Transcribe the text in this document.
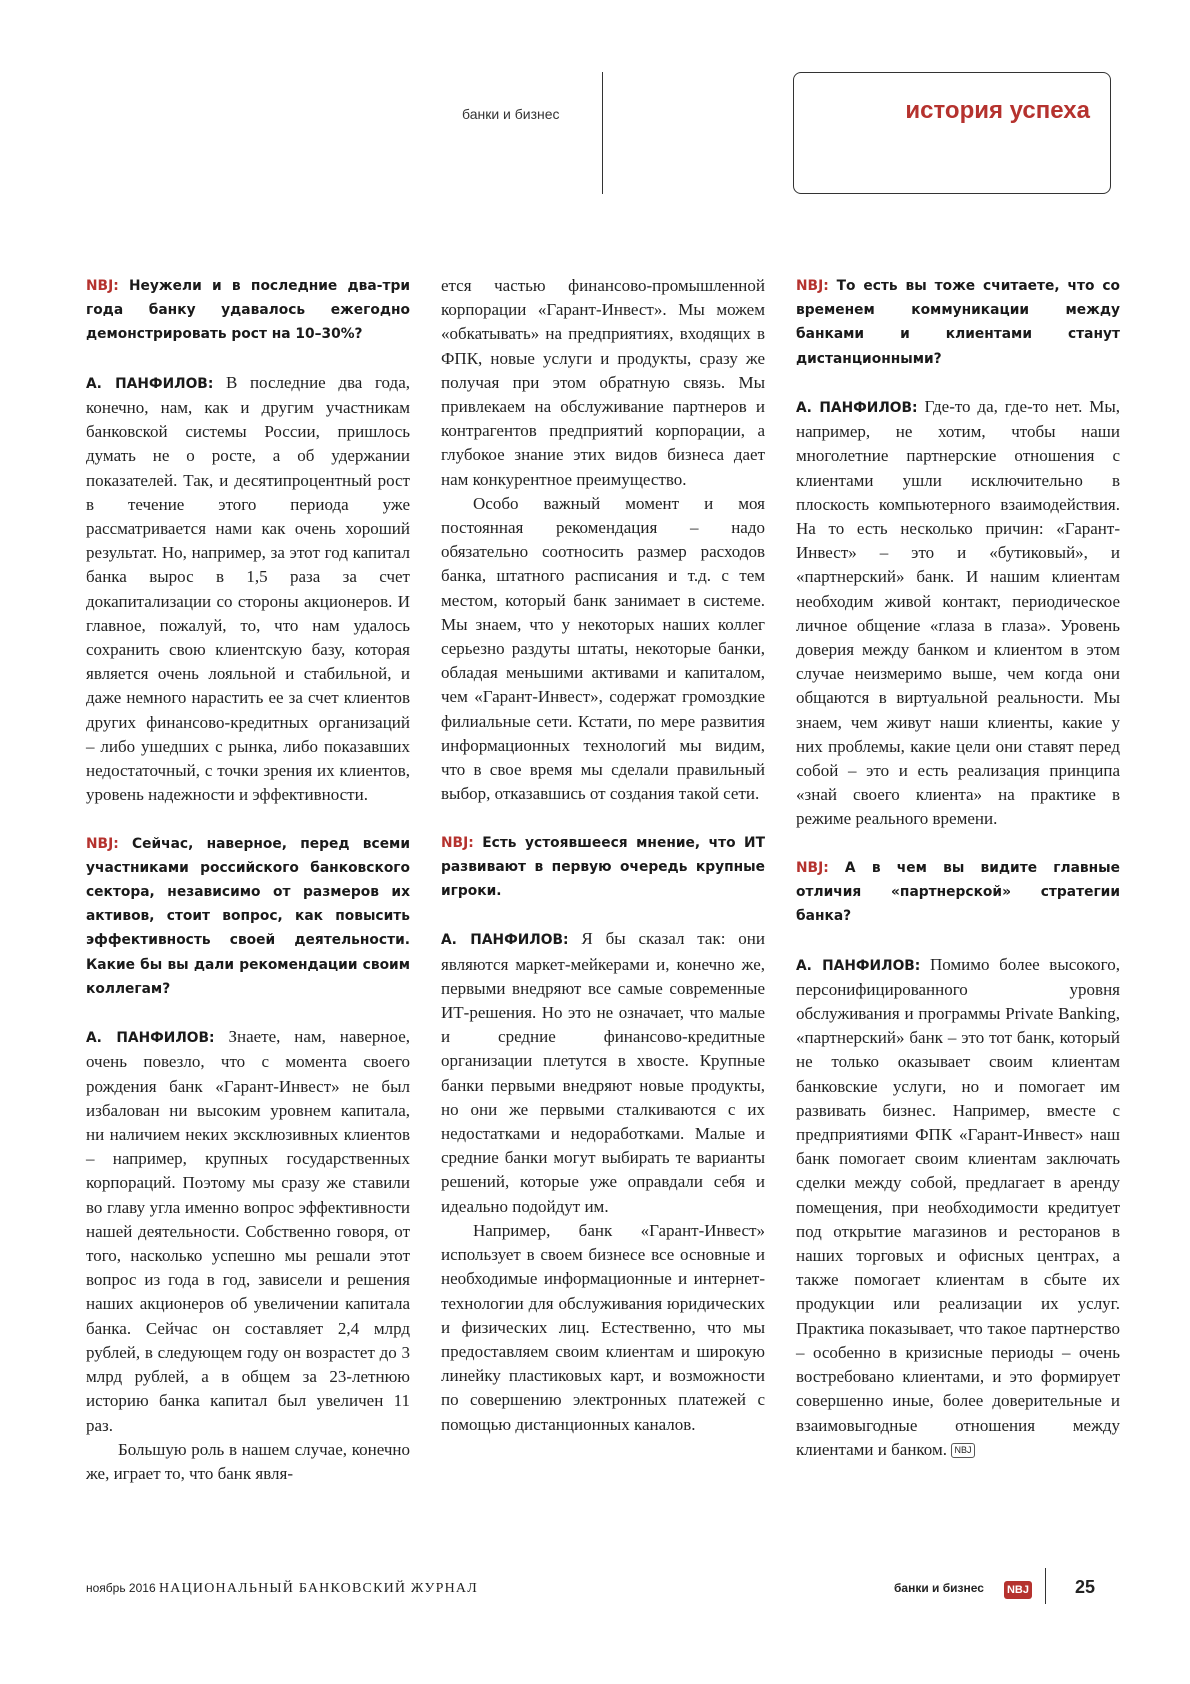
банки и бизнес	история успеха

NBJ: Неужели и в последние два-три года банку удавалось ежегодно демонстрировать рост на 10–30%?

А. ПАНФИЛОВ: В последние два года, конечно, нам, как и другим участникам банковской системы России, пришлось думать не о росте, а об удержании показателей. Так, и десятипроцентный рост в течение этого периода уже рассматривается нами как очень хороший результат. Но, например, за этот год капитал банка вырос в 1,5 раза за счет докапитализации со стороны акционеров. И главное, пожалуй, то, что нам удалось сохранить свою клиентскую базу, которая является очень лояльной и стабильной, и даже немного нарастить ее за счет клиентов других финансово-кредитных организаций – либо ушедших с рынка, либо показавших недостаточный, с точки зрения их клиентов, уровень надежности и эффективности.

NBJ: Сейчас, наверное, перед всеми участниками российского банковского сектора, независимо от размеров их активов, стоит вопрос, как повысить эффективность своей деятельности. Какие бы вы дали рекомендации своим коллегам?

А. ПАНФИЛОВ: Знаете, нам, наверное, очень повезло, что с момента своего рождения банк «Гарант-Инвест» не был избалован ни высоким уровнем капитала, ни наличием неких эксклюзивных клиентов – например, крупных государственных корпораций. Поэтому мы сразу же ставили во главу угла именно вопрос эффективности нашей деятельности. Собственно говоря, от того, насколько успешно мы решали этот вопрос из года в год, зависели и решения наших акционеров об увеличении капитала банка. Сейчас он составляет 2,4 млрд рублей, в следующем году он возрастет до 3 млрд рублей, а в общем за 23-летнюю историю банка капитал был увеличен 11 раз.

Большую роль в нашем случае, конечно же, играет то, что банк явля-

ется частью финансово-промышленной корпорации «Гарант-Инвест». Мы можем «обкатывать» на предприятиях, входящих в ФПК, новые услуги и продукты, сразу же получая при этом обратную связь. Мы привлекаем на обслуживание партнеров и контрагентов предприятий корпорации, а глубокое знание этих видов бизнеса дает нам конкурентное преимущество.

Особо важный момент и моя постоянная рекомендация – надо обязательно соотносить размер расходов банка, штатного расписания и т.д. с тем местом, который банк занимает в системе. Мы знаем, что у некоторых наших коллег серьезно раздуты штаты, некоторые банки, обладая меньшими активами и капиталом, чем «Гарант-Инвест», содержат громоздкие филиальные сети. Кстати, по мере развития информационных технологий мы видим, что в свое время мы сделали правильный выбор, отказавшись от создания такой сети.

NBJ: Есть устоявшееся мнение, что ИТ развивают в первую очередь крупные игроки.

А. ПАНФИЛОВ: Я бы сказал так: они являются маркет-мейкерами и, конечно же, первыми внедряют все самые современные ИТ-решения. Но это не означает, что малые и средние финансово-кредитные организации плетутся в хвосте. Крупные банки первыми внедряют новые продукты, но они же первыми сталкиваются с их недостатками и недоработками. Малые и средние банки могут выбирать те варианты решений, которые уже оправдали себя и идеально подойдут им.

Например, банк «Гарант-Инвест» использует в своем бизнесе все основные и необходимые информационные и интернет-технологии для обслуживания юридических и физических лиц. Естественно, что мы предоставляем своим клиентам и широкую линейку пластиковых карт, и возможности по совершению электронных платежей с помощью дистанционных каналов.

NBJ: То есть вы тоже считаете, что со временем коммуникации между банками и клиентами станут дистанционными?

А. ПАНФИЛОВ: Где-то да, где-то нет. Мы, например, не хотим, чтобы наши многолетние партнерские отношения с клиентами ушли исключительно в плоскость компьютерного взаимодействия. На то есть несколько причин: «Гарант-Инвест» – это и «бутиковый», и «партнерский» банк. И нашим клиентам необходим живой контакт, периодическое личное общение «глаза в глаза». Уровень доверия между банком и клиентом в этом случае неизмеримо выше, чем когда они общаются в виртуальной реальности. Мы знаем, чем живут наши клиенты, какие у них проблемы, какие цели они ставят перед собой – это и есть реализация принципа «знай своего клиента» на практике в режиме реального времени.

NBJ: А в чем вы видите главные отличия «партнерской» стратегии банка?

А. ПАНФИЛОВ: Помимо более высокого, персонифицированного уровня обслуживания и программы Private Banking, «партнерский» банк – это тот банк, который не только оказывает своим клиентам банковские услуги, но и помогает им развивать бизнес. Например, вместе с предприятиями ФПК «Гарант-Инвест» наш банк помогает своим клиентам заключать сделки между собой, предлагает в аренду помещения, при необходимости кредитует под открытие магазинов и ресторанов в наших торговых и офисных центрах, а также помогает клиентам в сбыте их продукции или реализации их услуг. Практика показывает, что такое партнерство – особенно в кризисные периоды – очень востребовано клиентами, и это формирует совершенно иные, более доверительные и взаимовыгодные отношения между клиентами и банком. NBJ

ноябрь 2016 НАЦИОНАЛЬНЫЙ БАНКОВСКИЙ ЖУРНАЛ	банки и бизнес NBJ	25
